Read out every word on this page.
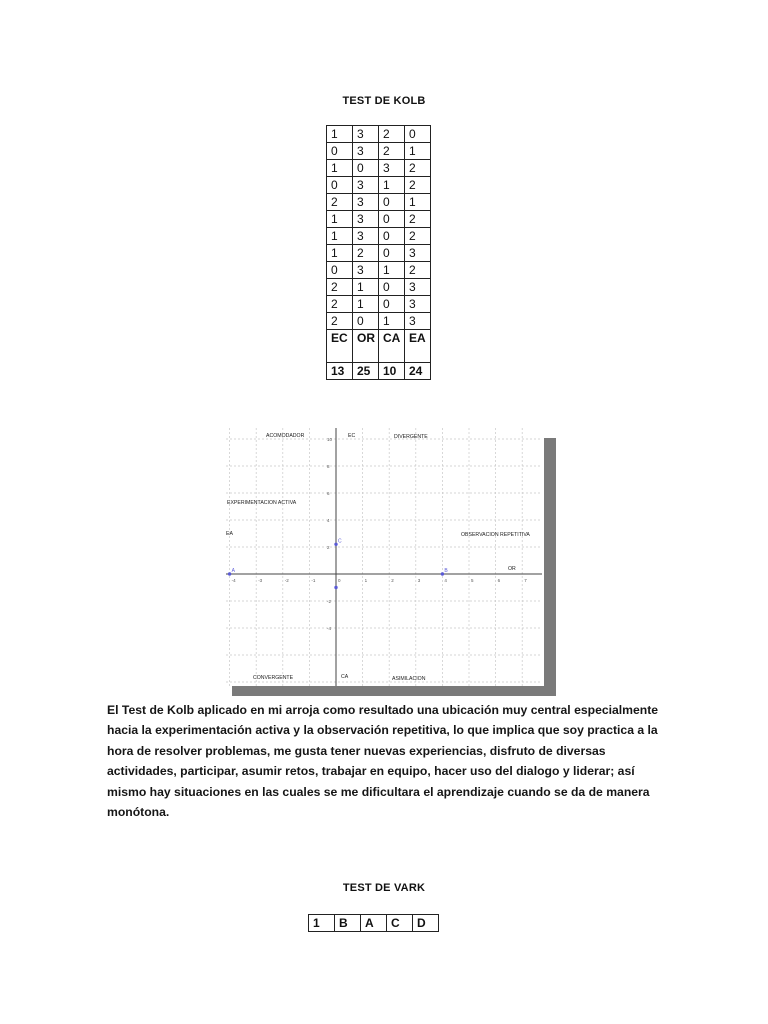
TEST DE KOLB
1	3	2	0
0	3	2	1
1	0	3	2
0	3	1	2
2	3	0	1
1	3	0	2
1	3	0	2
1	2	0	3
0	3	1	2
2	1	0	3
2	1	0	3
2	0	1	3
EC	OR	CA	EA
13	25	10	24
-4	-3	-2	-1	0	1	2	3	4	5	6	7
-4
-2
2
4
6
8
10
ACOMODADOR	DIVERGENTE
CONVERGENTE	ASIMILACION
EC
CA
EA
OR
EXPERIMENTACION ACTIVA
OBSERVACION REPETITIVA
A	B
C
El Test de Kolb aplicado en mi arroja como resultado una ubicación muy central especialmente hacia la experimentación activa y la observación repetitiva, lo que implica que soy practica a la hora de resolver problemas, me gusta tener nuevas experiencias, disfruto de diversas actividades, participar, asumir retos, trabajar en equipo, hacer uso del dialogo y liderar; así mismo hay situaciones en las cuales se me dificultara el aprendizaje cuando se da de manera monótona.
TEST DE VARK
1	B	A	C	D
